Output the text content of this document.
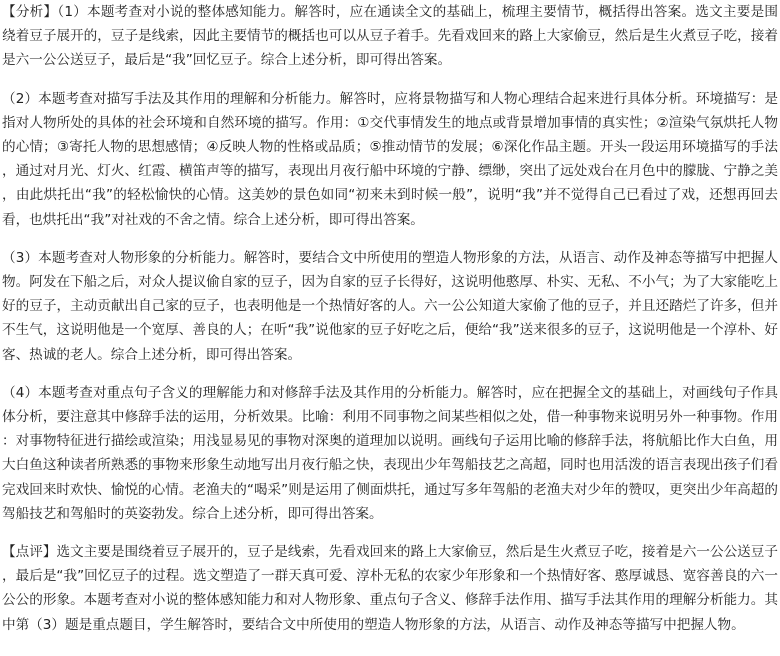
【分析】（1）本题考查对小说的整体感知能力。解答时，应在通读全文的基础上，梳理主要情节，概括得出答案。选文主要是围绕着豆子展开的，豆子是线索，因此主要情节的概括也可以从豆子着手。先看戏回来的路上大家偷豆，然后是生火煮豆子吃，接着是六一公公送豆子，最后是“我”回忆豆子。综合上述分析，即可得出答案。

（2）本题考查对描写手法及其作用的理解和分析能力。解答时，应将景物描写和人物心理结合起来进行具体分析。环境描写：是指对人物所处的具体的社会环境和自然环境的描写。作用：①交代事情发生的地点或背景增加事情的真实性；②渲染气氛烘托人物的心情；③寄托人物的思想感情；④反映人物的性格或品质；⑤推动情节的发展；⑥深化作品主题。开头一段运用环境描写的手法，通过对月光、灯火、红霞、横笛声等的描写，表现出月夜行船中环境的宁静、缥缈，突出了远处戏台在月色中的朦胧、宁静之美，由此烘托出“我”的轻松愉快的心情。这美妙的景色如同“初来未到时候一般”，说明“我”并不觉得自己已看过了戏，还想再回去看，也烘托出“我”对社戏的不舍之情。综合上述分析，即可得出答案。

（3）本题考查对人物形象的分析能力。解答时，要结合文中所使用的塑造人物形象的方法，从语言、动作及神态等描写中把握人物。阿发在下船之后，对众人提议偷自家的豆子，因为自家的豆子长得好，这说明他憨厚、朴实、无私、不小气；为了大家能吃上好的豆子，主动贡献出自己家的豆子，也表明他是一个热情好客的人。六一公公知道大家偷了他的豆子，并且还踏烂了许多，但并不生气，这说明他是一个宽厚、善良的人；在听“我”说他家的豆子好吃之后，便给“我”送来很多的豆子，这说明他是一个淳朴、好客、热诚的老人。综合上述分析，即可得出答案。

（4）本题考查对重点句子含义的理解能力和对修辞手法及其作用的分析能力。解答时，应在把握全文的基础上，对画线句子作具体分析，要注意其中修辞手法的运用，分析效果。比喻：利用不同事物之间某些相似之处，借一种事物来说明另外一种事物。作用：对事物特征进行描绘或渲染；用浅显易见的事物对深奥的道理加以说明。画线句子运用比喻的修辞手法，将航船比作大白鱼，用大白鱼这种读者所熟悉的事物来形象生动地写出月夜行船之快，表现出少年驾船技艺之高超，同时也用活泼的语言表现出孩子们看完戏回来时欢快、愉悦的心情。老渔夫的“喝采”则是运用了侧面烘托，通过写多年驾船的老渔夫对少年的赞叹，更突出少年高超的驾船技艺和驾船时的英姿勃发。综合上述分析，即可得出答案。

【点评】选文主要是围绕着豆子展开的，豆子是线索，先看戏回来的路上大家偷豆，然后是生火煮豆子吃，接着是六一公公送豆子，最后是“我”回忆豆子的过程。选文塑造了一群天真可爱、淳朴无私的农家少年形象和一个热情好客、憨厚诚恳、宽容善良的六一公公的形象。本题考查对小说的整体感知能力和对人物形象、重点句子含义、修辞手法作用、描写手法其作用的理解分析能力。其中第（3）题是重点题目，学生解答时，要结合文中所使用的塑造人物形象的方法，从语言、动作及神态等描写中把握人物。
